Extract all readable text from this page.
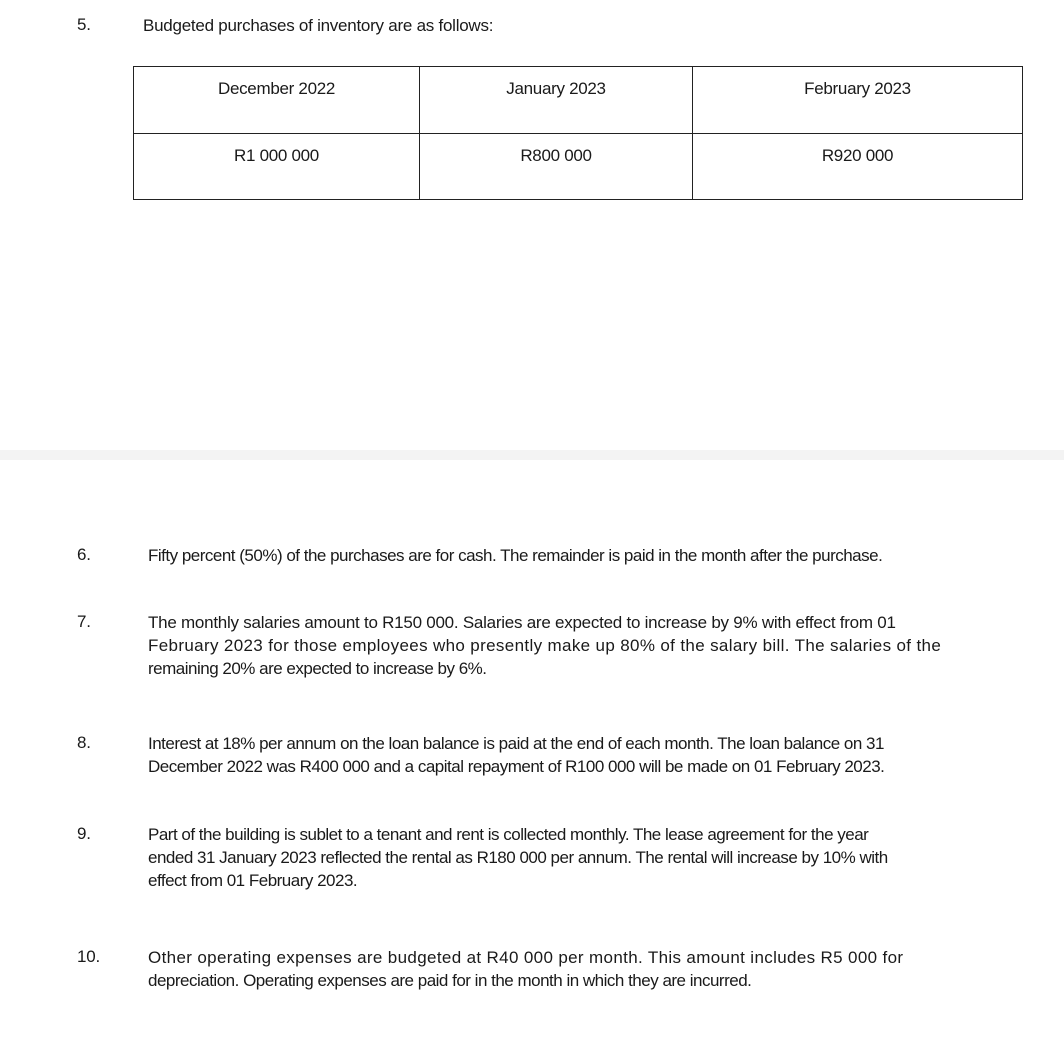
5.	Budgeted purchases of inventory are as follows:
December 2022	January 2023	February 2023
R1 000 000	R800 000	R920 000
6.	Fifty percent (50%) of the purchases are for cash. The remainder is paid in the month after the purchase.
7.	The monthly salaries amount to R150 000. Salaries are expected to increase by 9% with effect from 01
February 2023 for those employees who presently make up 80% of the salary bill. The salaries of the
remaining 20% are expected to increase by 6%.
8.	Interest at 18% per annum on the loan balance is paid at the end of each month. The loan balance on 31
December 2022 was R400 000 and a capital repayment of R100 000 will be made on 01 February 2023.
9.	Part of the building is sublet to a tenant and rent is collected monthly. The lease agreement for the year
ended 31 January 2023 reflected the rental as R180 000 per annum. The rental will increase by 10% with
effect from 01 February 2023.
10.	Other operating expenses are budgeted at R40 000 per month. This amount includes R5 000 for
depreciation. Operating expenses are paid for in the month in which they are incurred.
